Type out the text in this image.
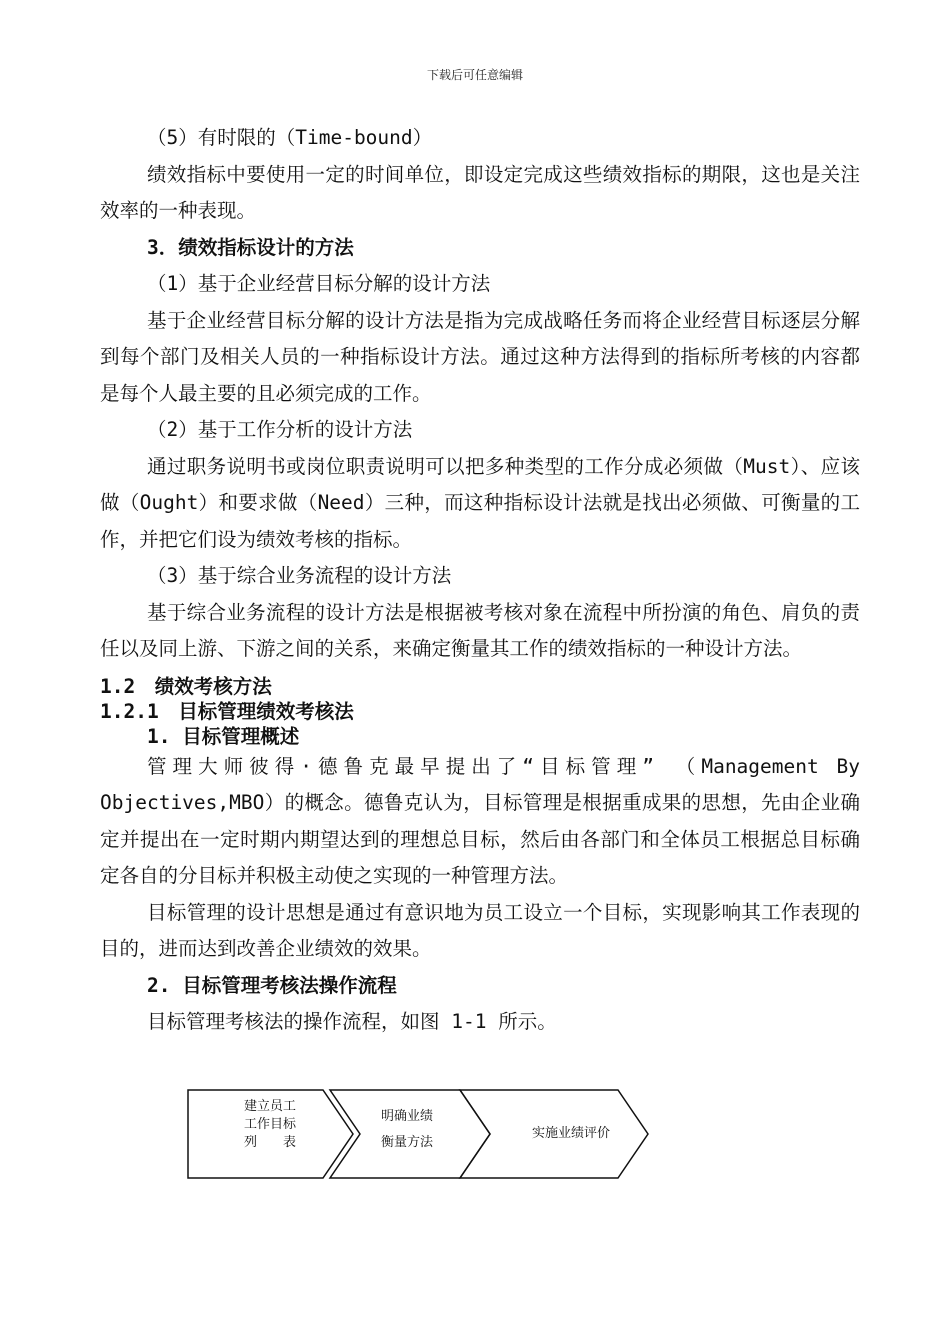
下载后可任意编辑

（5）有时限的（Time-bound）

绩效指标中要使用一定的时间单位，即设定完成这些绩效指标的期限，这也是关注效率的一种表现。

3．绩效指标设计的方法

（1）基于企业经营目标分解的设计方法

基于企业经营目标分解的设计方法是指为完成战略任务而将企业经营目标逐层分解到每个部门及相关人员的一种指标设计方法。通过这种方法得到的指标所考核的内容都是每个人最主要的且必须完成的工作。

（2）基于工作分析的设计方法

通过职务说明书或岗位职责说明可以把多种类型的工作分成必须做（Must）、应该做（Ought）和要求做（Need）三种，而这种指标设计法就是找出必须做、可衡量的工作，并把它们设为绩效考核的指标。

（3）基于综合业务流程的设计方法

基于综合业务流程的设计方法是根据被考核对象在流程中所扮演的角色、肩负的责任以及同上游、下游之间的关系，来确定衡量其工作的绩效指标的一种设计方法。

1.2　绩效考核方法

1.2.1　目标管理绩效考核法

1. 目标管理概述

管理大师彼得·德鲁克最早提出了“目标管理”　（Management By Objectives,MBO）的概念。德鲁克认为，目标管理是根据重成果的思想，先由企业确定并提出在一定时期内期望达到的理想总目标，然后由各部门和全体员工根据总目标确定各自的分目标并积极主动使之实现的一种管理方法。

目标管理的设计思想是通过有意识地为员工设立一个目标，实现影响其工作表现的目的，进而达到改善企业绩效的效果。

2. 目标管理考核法操作流程

目标管理考核法的操作流程，如图 1-1 所示。

建立员工
工作目标
列　　表
明确业绩
衡量方法
实施业绩评价
